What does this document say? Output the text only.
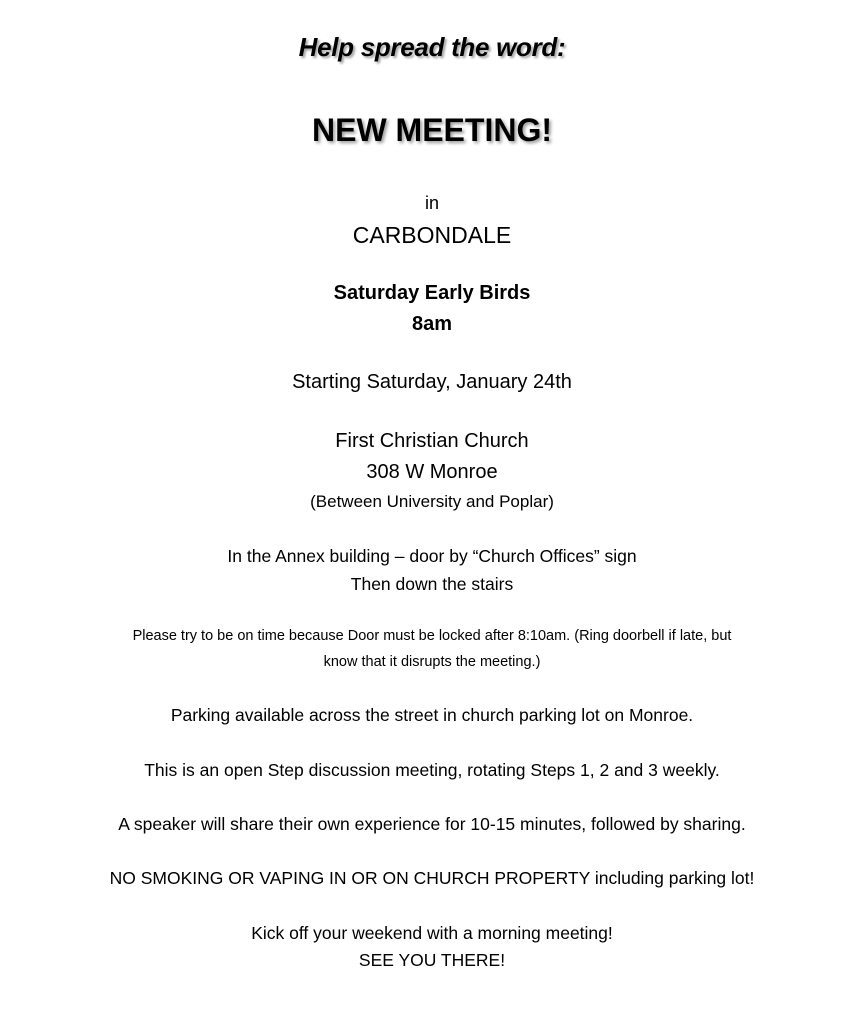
Help spread the word:
NEW MEETING!
in
CARBONDALE
Saturday Early Birds
8am
Starting Saturday, January 24th
First Christian Church
308 W Monroe
(Between University and Poplar)
In the Annex building – door by “Church Offices” sign
Then down the stairs
Please try to be on time because Door must be locked after 8:10am. (Ring doorbell if late, but
know that it disrupts the meeting.)
Parking available across the street in church parking lot on Monroe.
This is an open Step discussion meeting, rotating Steps 1, 2 and 3 weekly.
A speaker will share their own experience for 10-15 minutes, followed by sharing.
NO SMOKING OR VAPING IN OR ON CHURCH PROPERTY including parking lot!
Kick off your weekend with a morning meeting!
SEE YOU THERE!
